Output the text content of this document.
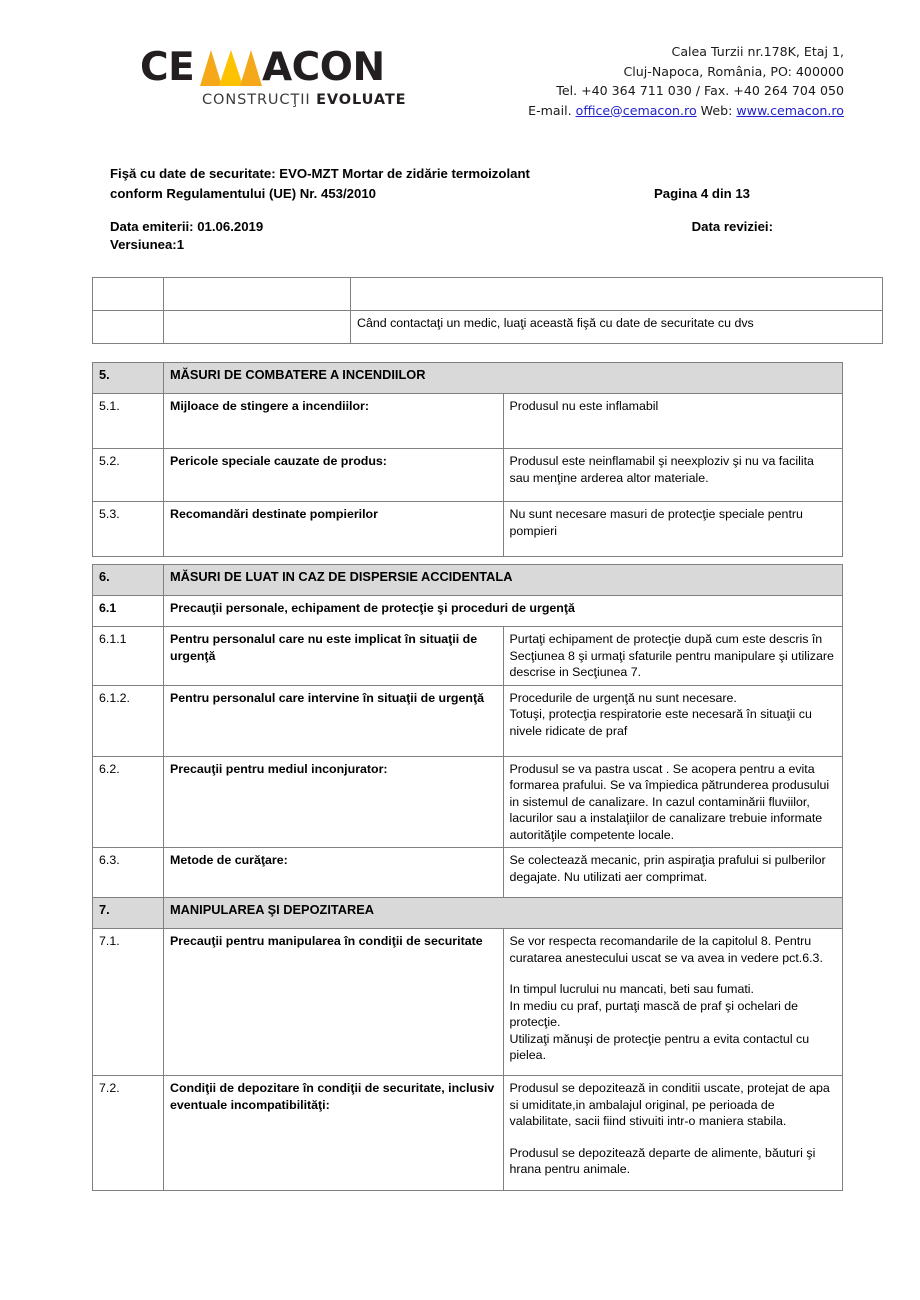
CE ACON
CONSTRUCŢII EVOLUATE
Calea Turzii nr.178K, Etaj 1,
Cluj-Napoca, România, PO: 400000
Tel. +40 364 711 030 / Fax. +40 264 704 050
E-mail. office@cemacon.ro Web: www.cemacon.ro
Fişă cu date de securitate: EVO-MZT Mortar de zidărie termoizolant
conform Regulamentului (UE) Nr. 453/2010	Pagina 4 din 13
Data emiterii: 01.06.2019	Data reviziei:
Versiunea:1

		Când contactaţi un medic, luaţi această fişă cu date de securitate cu dvs
5.	MĂSURI DE COMBATERE A INCENDIILOR	
5.1.	Mijloace de stingere a incendiilor:	Produsul nu este inflamabil
5.2.	Pericole speciale cauzate de produs:	Produsul este neinflamabil şi neexploziv şi nu va facilita sau menţine arderea altor materiale.
5.3.	Recomandări destinate pompierilor	Nu sunt necesare masuri de protecţie speciale pentru pompieri
6.	MĂSURI DE LUAT IN CAZ DE DISPERSIE ACCIDENTALA	
6.1	Precauţii personale, echipament de protecţie şi proceduri de urgenţă	
6.1.1	Pentru personalul care nu este implicat în situaţii de urgenţă	Purtaţi echipament de protecţie după cum este descris în Secţiunea 8 şi urmaţi sfaturile pentru manipulare şi utilizare descrise in Secţiunea 7.
6.1.2.	Pentru personalul care intervine în situaţii de urgenţă	Procedurile de urgenţă nu sunt necesare.
Totuşi, protecţia respiratorie este necesară în situaţii cu nivele ridicate de praf

6.2.	Precauţii pentru mediul inconjurator:	Produsul se va pastra uscat . Se acopera pentru a evita formarea prafului. Se va împiedica pătrunderea produsului in sistemul de canalizare. In cazul contaminării fluviilor, lacurilor sau a instalaţiilor de canalizare trebuie informate autorităţile competente locale.
6.3.	Metode de curăţare:	Se colectează mecanic, prin aspiraţia prafului si pulberilor degajate. Nu utilizati aer comprimat.
7.	MANIPULAREA ŞI DEPOZITAREA	
7.1.	Precauţii pentru manipularea în condiţii de securitate	Se vor respecta recomandarile de la capitolul 8. Pentru curatarea anestecului uscat se va avea in vedere pct.6.3.
In timpul lucrului nu mancati, beti sau fumati.
In mediu cu praf, purtaţi mască de praf şi ochelari de protecţie.
Utilizaţi mănuşi de protecţie pentru a evita contactul cu pielea.

7.2.	Condiţii de depozitare în condiţii de securitate, inclusiv eventuale incompatibilităţi:	Produsul se depozitează in conditii uscate, protejat de apa si umiditate,in ambalajul original, pe perioada de valabilitate, sacii fiind stivuiti intr-o maniera stabila.
Produsul se depozitează departe de alimente, băuturi şi hrana pentru animale.
